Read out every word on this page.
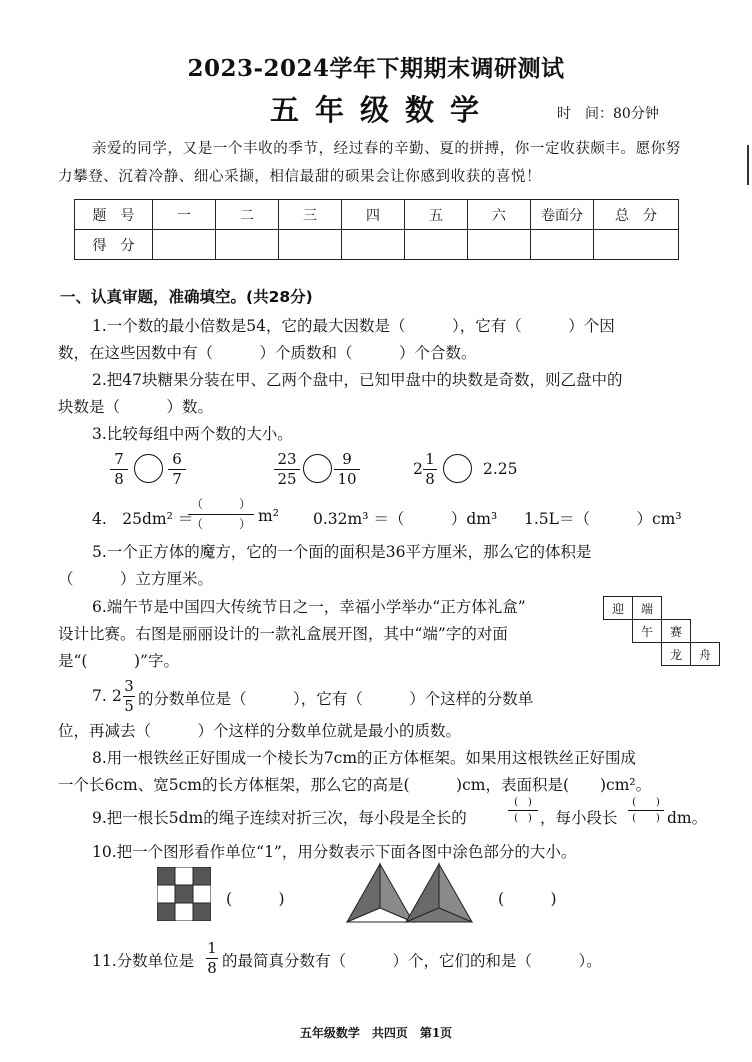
2023-2024学年下期期末调研测试
五年级数学	时　间：80分钟
亲爱的同学，又是一个丰收的季节，经过春的辛勤、夏的拼搏，你一定收获颇丰。愿你努
力攀登、沉着冷静、细心采撷，相信最甜的硕果会让你感到收获的喜悦！
题　号	一	二	三	四	五	六	卷面分	总　分
得　分								
一、认真审题，准确填空。(共28分)
1.一个数的最小倍数是54，它的最大因数是（　　　），它有（　　　）个因
数，在这些因数中有（　　　）个质数和（　　　）个合数。
2.把47块糖果分装在甲、乙两个盘中，已知甲盘中的块数是奇数，则乙盘中的
块数是（　　　）数。
3.比较每组中两个数的大小。
7
8
6
7
23
25
9
10
2
1
8
2.25
4.　25dm² ＝
（　　　）
（　　　） m² 0.32m³ ＝（　　　）dm³ 1.5L＝（　　　）cm³
5.一个正方体的魔方，它的一个面的面积是36平方厘米，那么它的体积是
（　　　）立方厘米。
6.端午节是中国四大传统节日之一，幸福小学举办“正方体礼盒”
设计比赛。右图是丽丽设计的一款礼盒展开图，其中“端”字的对面
是“(　　　)”字。
迎	端		
	午	赛	
		龙	舟
7. 2
3
5 的分数单位是（　　　），它有（　　　）个这样的分数单
位，再减去（　　　）个这样的分数单位就是最小的质数。
8.用一根铁丝正好围成一个棱长为7cm的正方体框架。如果用这根铁丝正好围成
一个长6cm、宽5cm的长方体框架，那么它的高是(　　　)cm，表面积是(　　)cm²。
9.把一根长5dm的绳子连续对折三次，每小段是全长的
(　)
(　) ，每小段长
(　　)
(　　) dm。
10.把一个图形看作单位“1”，用分数表示下面各图中涂色部分的大小。
(　　　)	(　　　)
11.分数单位是
1
8 的最简真分数有（　　　）个，它们的和是（　　　）。
五年级数学　共四页　第1页
